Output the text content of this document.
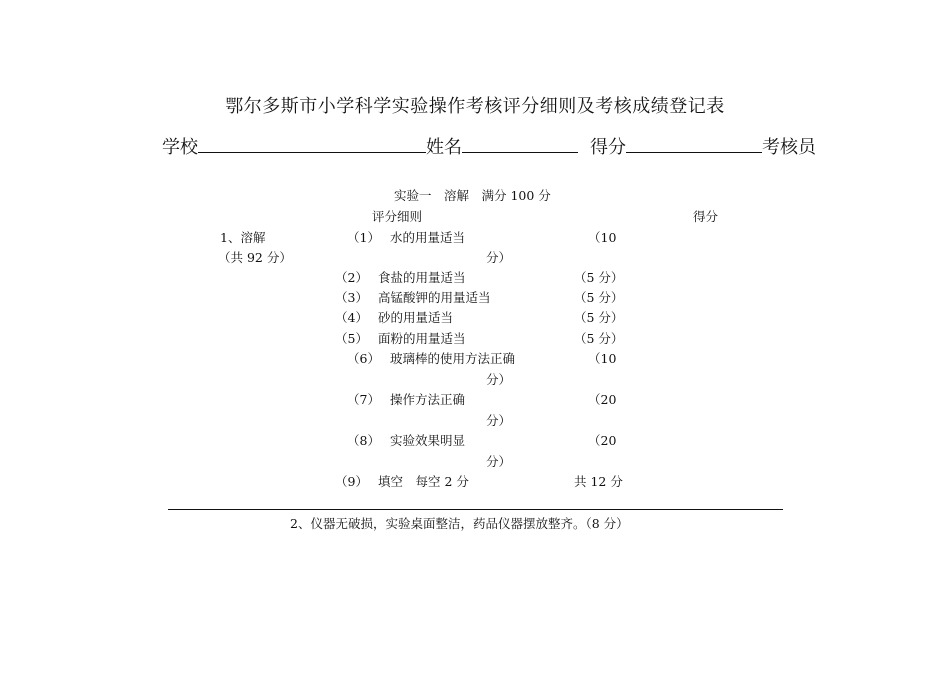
鄂尔多斯市小学科学实验操作考核评分细则及考核成绩登记表
学校	姓名	得分	考核员
实验一　溶解　满分 100 分
评分细则	得分
1、溶解
（共 92 分）
（1） 水的用量适当	（10
分）
（2） 食盐的用量适当	（5 分）
（3） 高锰酸钾的用量适当	（5 分）
（4） 砂的用量适当	（5 分）
（5） 面粉的用量适当	（5 分）
（6） 玻璃棒的使用方法正确	（10
分）
（7） 操作方法正确	（20
分）
（8） 实验效果明显	（20
分）
（9） 填空　每空 2 分	共 12 分
2、仪器无破损，实验桌面整洁，药品仪器摆放整齐。（8 分）
